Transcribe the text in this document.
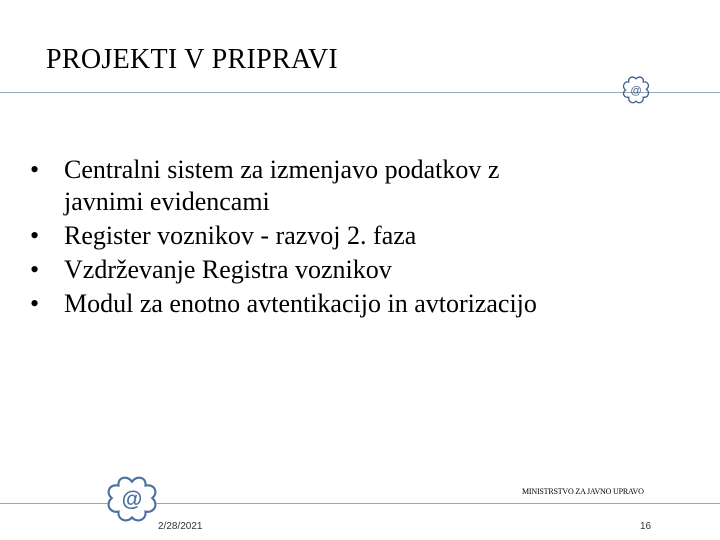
PROJEKTI V PRIPRAVI
@
• Centralni sistem za izmenjavo podatkov z
javnimi evidencami
• Register voznikov - razvoj 2. faza
• Vzdrževanje Registra voznikov
• Modul za enotno avtentikacijo in avtorizacijo
@	MINISTRSTVO ZA JAVNO UPRAVO
2/28/2021	16
